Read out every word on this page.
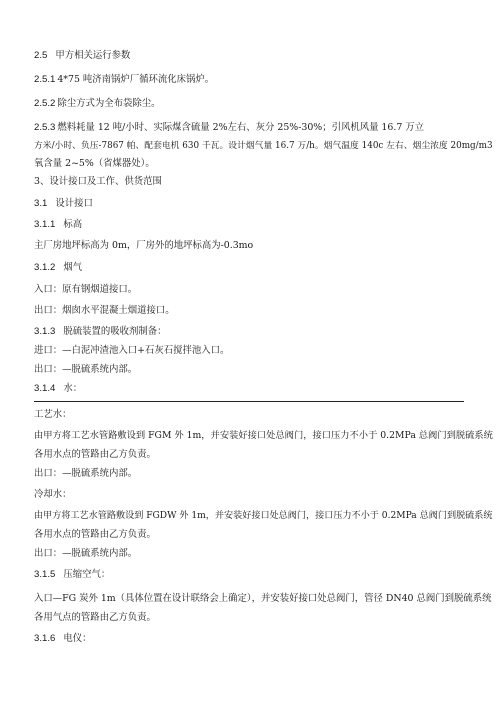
2.5 甲方相关运行参数
2.5.1 4*75 吨济南锅炉厂循环流化床锅炉。
2.5.2 除尘方式为全布袋除尘。
2.5.3 燃料耗量 12 吨/小时、实际煤含硫量 2%左右、灰分 25%-30%；引风机风量 16.7 万立
方米/小时、负压-7867 帕、配套电机 630 千瓦。设计烟气量 16.7 万/h。烟气温度 140c 左右、烟尘浓度 20mg/m3
氧含量 2~5%（省煤器处）。
3、设计接口及工作、供货范围
3.1 设计接口
3.1.1 标高
主厂房地坪标高为 0m，厂房外的地坪标高为-0.3mo
3.1.2 烟气
入口：原有钢烟道接口。
出口：烟囱水平混凝土烟道接口。
3.1.3 脱硫装置的吸收剂制备：
进口：—白泥冲渣池入口+石灰石搅拌池入口。
出口：—脱硫系统内部。
3.1.4 水：
工艺水：
由甲方将工艺水管路敷设到 FGM 外 1m，并安装好接口处总阀门，接口压力不小于 0.2MPa 总阀门到脱硫系统
各用水点的管路由乙方负责。
出口：—脱硫系统内部。
冷却水：
由甲方将工艺水管路敷设到 FGDW 外 1m，并安装好接口处总阀门，接口压力不小于 0.2MPa 总阀门到脱硫系统
各用水点的管路由乙方负责。
出口：—脱硫系统内部。
3.1.5 压缩空气：
入口—FG 炭外 1m（具体位置在设计联络会上确定），并安装好接口处总阀门，管径 DN40 总阀门到脱硫系统
各用气点的管路由乙方负责。
3.1.6 电仪：
